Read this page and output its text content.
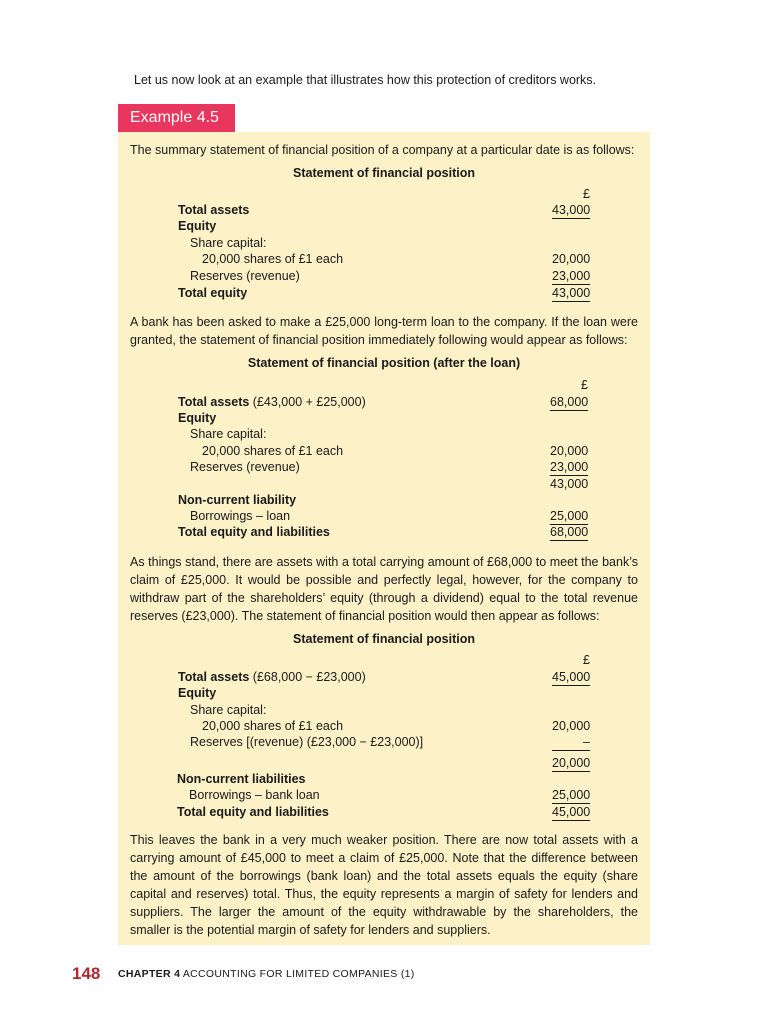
Let us now look at an example that illustrates how this protection of creditors works.
Example 4.5
The summary statement of financial position of a company at a particular date is as follows:
Statement of financial position
£
Total assets	43,000
Equity
Share capital:
20,000 shares of £1 each	20,000
Reserves (revenue)	23,000
Total equity	43,000
A bank has been asked to make a £25,000 long-term loan to the company. If the loan were granted, the statement of financial position immediately following would appear as follows:
Statement of financial position (after the loan)
£
Total assets (£43,000 + £25,000)	68,000
Equity
Share capital:
20,000 shares of £1 each	20,000
Reserves (revenue)	23,000
43,000
Non-current liability
Borrowings – loan	25,000
Total equity and liabilities	68,000
As things stand, there are assets with a total carrying amount of £68,000 to meet the bank’s claim of £25,000. It would be possible and perfectly legal, however, for the company to withdraw part of the shareholders’ equity (through a dividend) equal to the total revenue reserves (£23,000). The statement of financial position would then appear as follows:
Statement of financial position
£
Total assets (£68,000 − £23,000)	45,000
Equity
Share capital:
20,000 shares of £1 each	20,000
Reserves [(revenue) (£23,000 − £23,000)]	–
20,000
Non-current liabilities
Borrowings – bank loan	25,000
Total equity and liabilities	45,000
This leaves the bank in a very much weaker position. There are now total assets with a carrying amount of £45,000 to meet a claim of £25,000. Note that the difference between the amount of the borrowings (bank loan) and the total assets equals the equity (share capital and reserves) total. Thus, the equity represents a margin of safety for lenders and suppliers. The larger the amount of the equity withdrawable by the shareholders, the smaller is the potential margin of safety for lenders and suppliers.
148 CHAPTER 4 ACCOUNTING FOR LIMITED COMPANIES (1)
